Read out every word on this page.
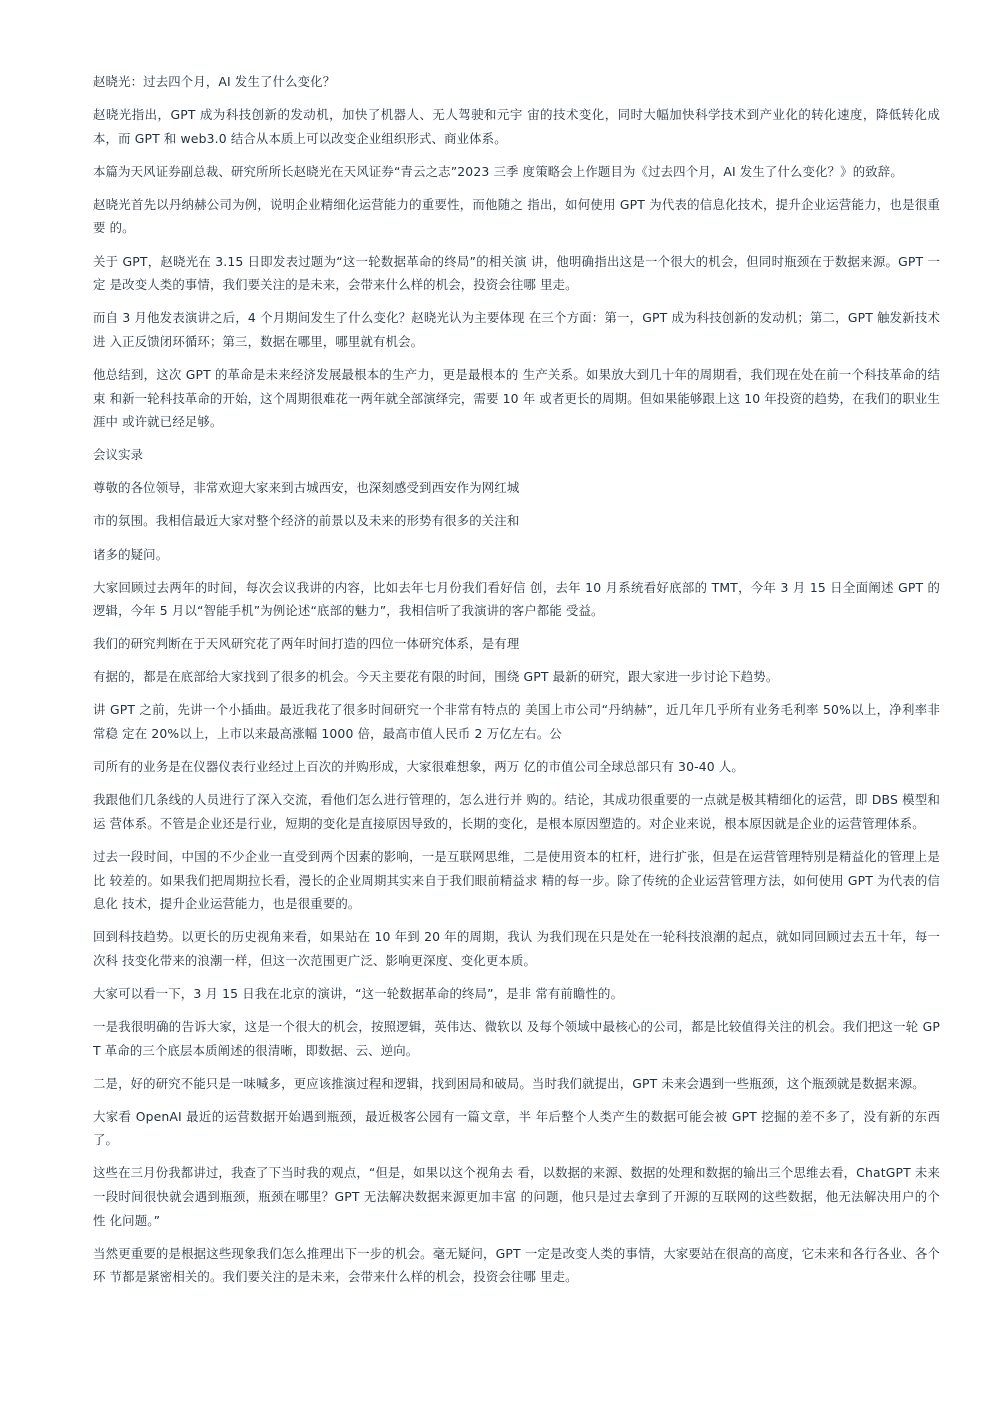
赵晓光：过去四个月，AI 发生了什么变化？

赵晓光指出，GPT 成为科技创新的发动机，加快了机器人、无人驾驶和元宇 宙的技术变化，同时大幅加快科学技术到产业化的转化速度，降低转化成本，而 GPT 和 web3.0 结合从本质上可以改变企业组织形式、商业体系。

本篇为天风证券副总裁、研究所所长赵晓光在天风证券“青云之志”2023 三季 度策略会上作题目为《过去四个月，AI 发生了什么变化？》的致辞。

赵晓光首先以丹纳赫公司为例，说明企业精细化运营能力的重要性，而他随之 指出，如何使用 GPT 为代表的信息化技术，提升企业运营能力，也是很重要 的。

关于 GPT，赵晓光在 3.15 日即发表过题为“这一轮数据革命的终局”的相关演 讲，他明确指出这是一个很大的机会，但同时瓶颈在于数据来源。GPT 一定 是改变人类的事情，我们要关注的是未来，会带来什么样的机会，投资会往哪 里走。

而自 3 月他发表演讲之后，4 个月期间发生了什么变化？赵晓光认为主要体现 在三个方面：第一，GPT 成为科技创新的发动机；第二，GPT 触发新技术进 入正反馈闭环循环；第三，数据在哪里，哪里就有机会。

他总结到，这次 GPT 的革命是未来经济发展最根本的生产力，更是最根本的 生产关系。如果放大到几十年的周期看，我们现在处在前一个科技革命的结束 和新一轮科技革命的开始，这个周期很难花一两年就全部演绎完，需要 10 年 或者更长的周期。但如果能够跟上这 10 年投资的趋势，在我们的职业生涯中 或许就已经足够。

会议实录

尊敬的各位领导，非常欢迎大家来到古城西安，也深刻感受到西安作为网红城

市的氛围。我相信最近大家对整个经济的前景以及未来的形势有很多的关注和

诸多的疑问。

大家回顾过去两年的时间，每次会议我讲的内容，比如去年七月份我们看好信 创，去年 10 月系统看好底部的 TMT，今年 3 月 15 日全面阐述 GPT 的逻辑，今年 5 月以“智能手机”为例论述“底部的魅力”，我相信听了我演讲的客户都能 受益。

我们的研究判断在于天风研究花了两年时间打造的四位一体研究体系，是有理

有据的，都是在底部给大家找到了很多的机会。今天主要花有限的时间，围绕 GPT 最新的研究，跟大家进一步讨论下趋势。

讲 GPT 之前，先讲一个小插曲。最近我花了很多时间研究一个非常有特点的 美国上市公司“丹纳赫”，近几年几乎所有业务毛利率 50%以上，净利率非常稳 定在 20%以上，上市以来最高涨幅 1000 倍，最高市值人民币 2 万亿左右。公

司所有的业务是在仪器仪表行业经过上百次的并购形成，大家很难想象，两万 亿的市值公司全球总部只有 30-40 人。

我跟他们几条线的人员进行了深入交流，看他们怎么进行管理的，怎么进行并 购的。结论，其成功很重要的一点就是极其精细化的运营，即 DBS 模型和运 营体系。不管是企业还是行业，短期的变化是直接原因导致的，长期的变化，是根本原因塑造的。对企业来说，根本原因就是企业的运营管理体系。

过去一段时间，中国的不少企业一直受到两个因素的影响，一是互联网思维，二是使用资本的杠杆，进行扩张，但是在运营管理特别是精益化的管理上是比 较差的。如果我们把周期拉长看，漫长的企业周期其实来自于我们眼前精益求 精的每一步。除了传统的企业运营管理方法，如何使用 GPT 为代表的信息化 技术，提升企业运营能力，也是很重要的。

回到科技趋势。以更长的历史视角来看，如果站在 10 年到 20 年的周期，我认 为我们现在只是处在一轮科技浪潮的起点，就如同回顾过去五十年，每一次科 技变化带来的浪潮一样，但这一次范围更广泛、影响更深度、变化更本质。

大家可以看一下，3 月 15 日我在北京的演讲，“这一轮数据革命的终局”，是非 常有前瞻性的。

一是我很明确的告诉大家，这是一个很大的机会，按照逻辑，英伟达、微软以 及每个领域中最核心的公司，都是比较值得关注的机会。我们把这一轮 GPT 革命的三个底层本质阐述的很清晰，即数据、云、逆向。

二是，好的研究不能只是一味喊多，更应该推演过程和逻辑，找到困局和破局。当时我们就提出，GPT 未来会遇到一些瓶颈，这个瓶颈就是数据来源。

大家看 OpenAI 最近的运营数据开始遇到瓶颈，最近极客公园有一篇文章，半 年后整个人类产生的数据可能会被 GPT 挖掘的差不多了，没有新的东西了。

这些在三月份我都讲过，我查了下当时我的观点，“但是，如果以这个视角去 看，以数据的来源、数据的处理和数据的输出三个思维去看，ChatGPT 未来 一段时间很快就会遇到瓶颈，瓶颈在哪里？GPT 无法解决数据来源更加丰富 的问题，他只是过去拿到了开源的互联网的这些数据，他无法解决用户的个性 化问题。”

当然更重要的是根据这些现象我们怎么推理出下一步的机会。毫无疑问，GPT 一定是改变人类的事情，大家要站在很高的高度，它未来和各行各业、各个环 节都是紧密相关的。我们要关注的是未来，会带来什么样的机会，投资会往哪 里走。
